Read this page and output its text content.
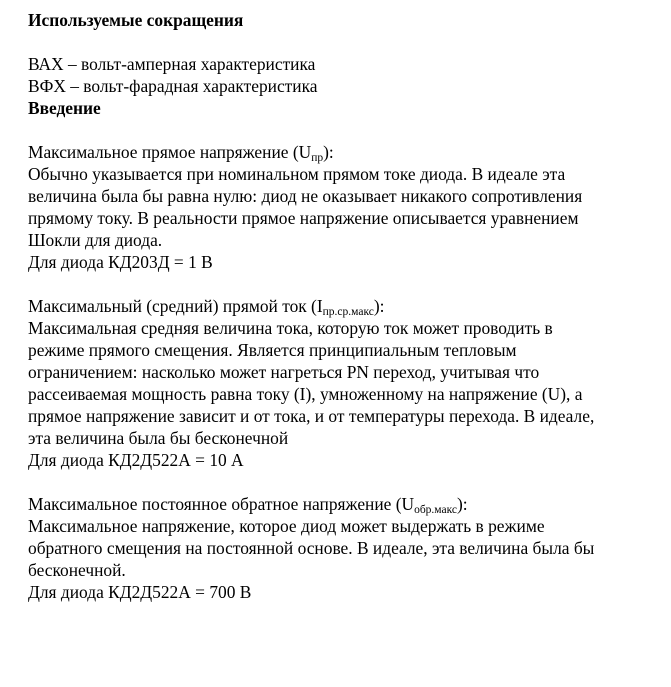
Используемые сокращения
ВАХ – вольт-амперная характеристика
ВФХ – вольт-фарадная характеристика
Введение
Максимальное прямое напряжение $(U_{пр})$:
Обычно указывается при номинальном прямом токе диода. В идеале эта
величина была бы равна нулю: диод не оказывает никакого сопротивления
прямому току. В реальности прямое напряжение описывается уравнением
Шокли для диода.
Для диода КД203Д = 1 В
Максимальный (средний) прямой ток $(I_{пр.ср.макс})$:
Максимальная средняя величина тока, которую ток может проводить в
режиме прямого смещения. Является принципиальным тепловым
ограничением: насколько может нагреться PN переход, учитывая что
рассеиваемая мощность равна току (I), умноженному на напряжение (U), а
прямое напряжение зависит и от тока, и от температуры перехода. В идеале,
эта величина была бы бесконечной
Для диода КД2Д522А = 10 А
Максимальное постоянное обратное напряжение $(U_{обр.макс})$:
Максимальное напряжение, которое диод может выдержать в режиме
обратного смещения на постоянной основе. В идеале, эта величина была бы
бесконечной.
Для диода КД2Д522А = 700 В
